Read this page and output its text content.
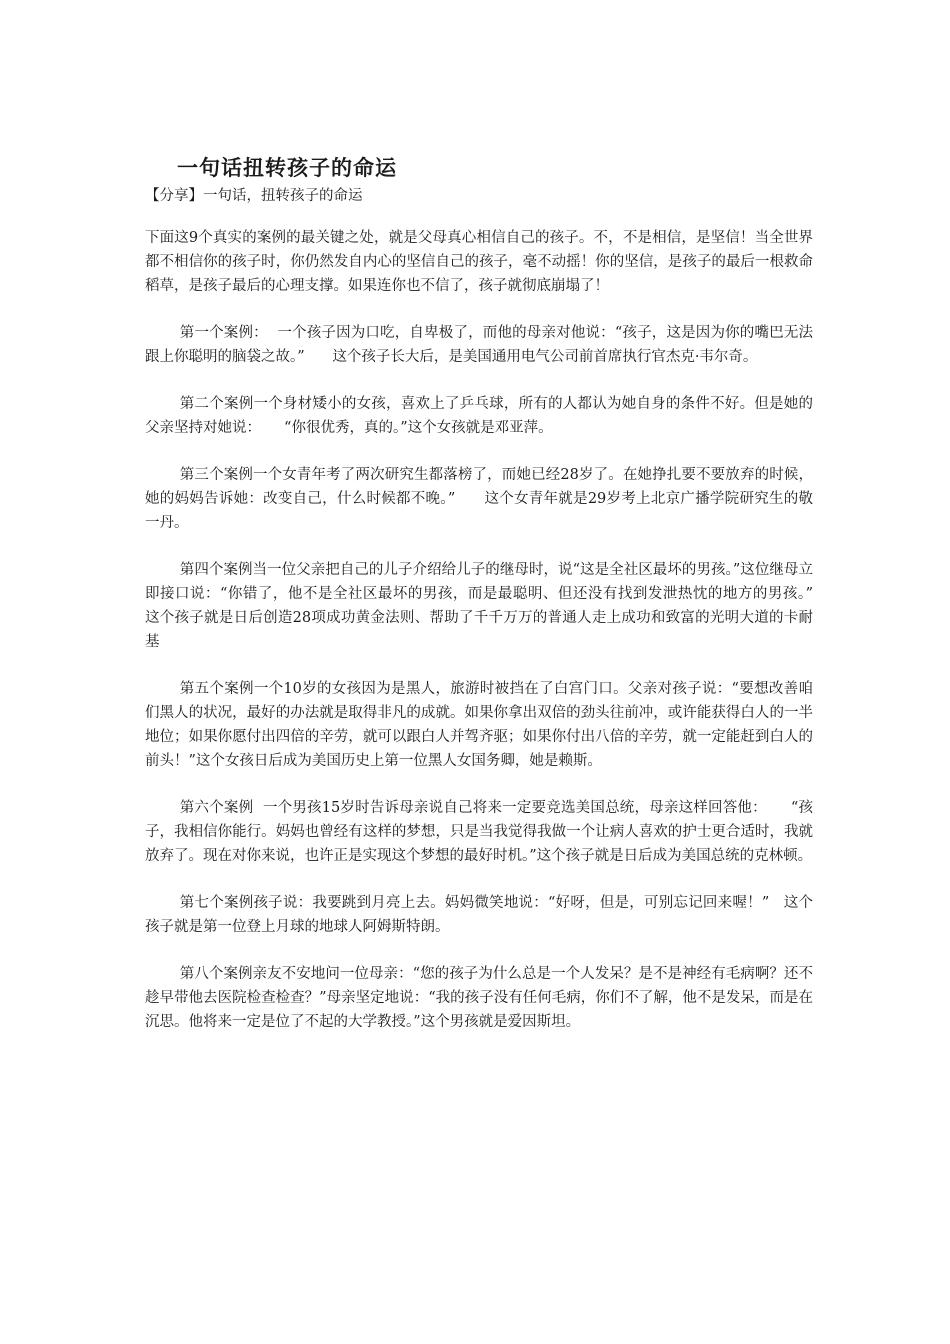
一句话扭转孩子的命运

【分享】一句话，扭转孩子的命运

下面这9个真实的案例的最关键之处，就是父母真心相信自己的孩子。不，不是相信，是坚信！当全世界都不相信你的孩子时，你仍然发自内心的坚信自己的孩子，毫不动摇！你的坚信，是孩子的最后一根救命稻草，是孩子最后的心理支撑。如果连你也不信了，孩子就彻底崩塌了！

第一个案例：  一个孩子因为口吃，自卑极了，而他的母亲对他说：“孩子，这是因为你的嘴巴无法跟上你聪明的脑袋之故。”      这个孩子长大后，是美国通用电气公司前首席执行官杰克·韦尔奇。

第二个案例一个身材矮小的女孩，喜欢上了乒乓球，所有的人都认为她自身的条件不好。但是她的父亲坚持对她说：     “你很优秀，真的。”这个女孩就是邓亚萍。

第三个案例一个女青年考了两次研究生都落榜了，而她已经28岁了。在她挣扎要不要放弃的时候，她的妈妈告诉她：改变自己，什么时候都不晚。”      这个女青年就是29岁考上北京广播学院研究生的敬一丹。

第四个案例当一位父亲把自己的儿子介绍给儿子的继母时，说“这是全社区最坏的男孩。”这位继母立即接口说：“你错了，他不是全社区最坏的男孩，而是最聪明、但还没有找到发泄热忱的地方的男孩。”      这个孩子就是日后创造28项成功黄金法则、帮助了千千万万的普通人走上成功和致富的光明大道的卡耐基

第五个案例一个10岁的女孩因为是黑人，旅游时被挡在了白宫门口。父亲对孩子说：“要想改善咱们黑人的状况，最好的办法就是取得非凡的成就。如果你拿出双倍的劲头往前冲，或许能获得白人的一半地位；如果你愿付出四倍的辛劳，就可以跟白人并驾齐驱；如果你付出八倍的辛劳，就一定能赶到白人的前头！”这个女孩日后成为美国历史上第一位黑人女国务卿，她是赖斯。

第六个案例  一个男孩15岁时告诉母亲说自己将来一定要竞选美国总统，母亲这样回答他：     “孩子，我相信你能行。妈妈也曾经有这样的梦想，只是当我觉得我做一个让病人喜欢的护士更合适时，我就放弃了。现在对你来说，也许正是实现这个梦想的最好时机。”这个孩子就是日后成为美国总统的克林顿。

第七个案例孩子说：我要跳到月亮上去。妈妈微笑地说：“好呀，但是，可别忘记回来喔！”   这个孩子就是第一位登上月球的地球人阿姆斯特朗。

第八个案例亲友不安地问一位母亲：“您的孩子为什么总是一个人发呆？是不是神经有毛病啊？还不趁早带他去医院检查检查？”母亲坚定地说：“我的孩子没有任何毛病，你们不了解，他不是发呆，而是在沉思。他将来一定是位了不起的大学教授。”这个男孩就是爱因斯坦。
